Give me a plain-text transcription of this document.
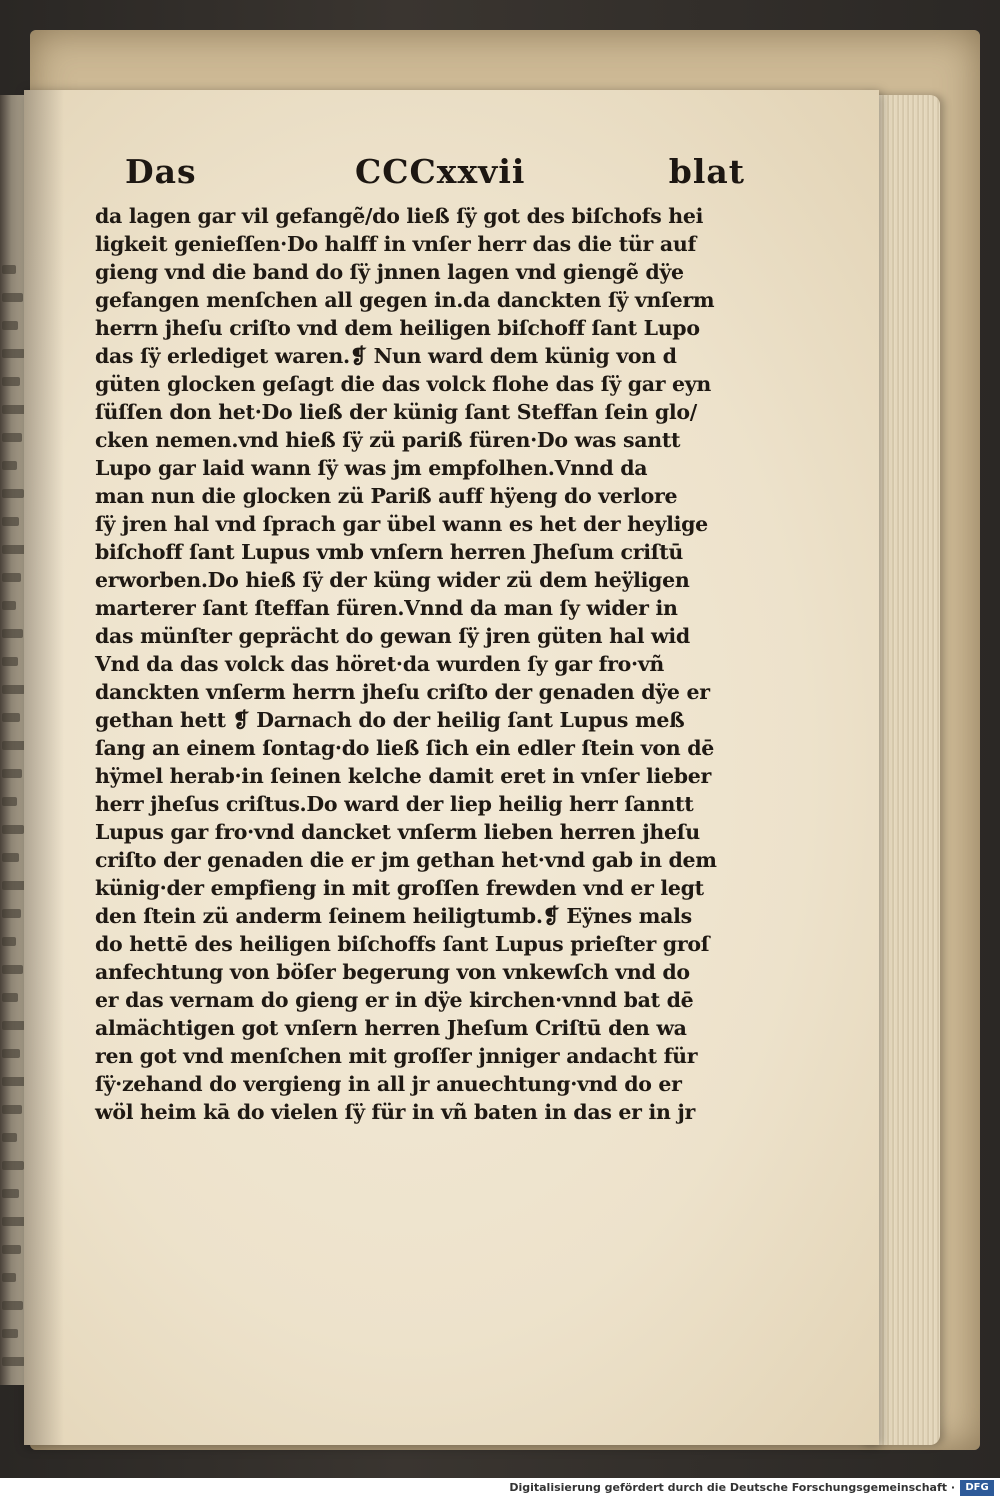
Das	CCCxxvii	blat
da lagen gar vil gefangẽ/do ließ ſÿ got des biſchofs hei
ligkeit genieſſen·Do halff in vnſer herr das die tür auf
gieng vnd die band do ſÿ jnnen lagen vnd giengẽ dÿe
gefangen menſchen all gegen in.da danckten ſÿ vnſerm
herrn jheſu criſto vnd dem heiligen biſchoff ſant Lupo
das ſÿ erlediget waren.❡ Nun ward dem künig von d
güten glocken geſagt die das volck flohe das ſÿ gar eyn
ſüſſen don het·Do ließ der künig ſant Steffan ſein glo/
cken nemen.vnd hieß ſÿ zü pariß füren·Do was santt
Lupo gar laid wann ſÿ was jm empfolhen.Vnnd da
man nun die glocken zü Pariß auff hÿeng do verlore
ſÿ jren hal vnd ſprach gar übel wann es het der heylige
biſchoff ſant Lupus vmb vnſern herren Jheſum criſtū
erworben.Do hieß ſÿ der küng wider zü dem heÿligen
marterer ſant ſteffan füren.Vnnd da man ſy wider in
das münſter geprächt do gewan ſÿ jren güten hal wid
Vnd da das volck das höret·da wurden ſy gar fro·vñ
danckten vnſerm herrn jheſu criſto der genaden dÿe er
gethan hett ❡ Darnach do der heilig ſant Lupus meß
ſang an einem ſontag·do ließ ſich ein edler ſtein von dē
hÿmel herab·in ſeinen kelche damit eret in vnſer lieber
herr jheſus criſtus.Do ward der liep heilig herr ſanntt
Lupus gar fro·vnd dancket vnſerm lieben herren jheſu
criſto der genaden die er jm gethan het·vnd gab in dem
künig·der empfieng in mit groſſen frewden vnd er legt
den ſtein zü anderm ſeinem heiligtumb.❡ Eÿnes mals
do hettē des heiligen biſchoffs ſant Lupus prieſter groſ
anfechtung von böſer begerung von vnkewſch vnd do
er das vernam do gieng er in dÿe kirchen·vnnd bat dē
almächtigen got vnſern herren Jheſum Criſtū den wa
ren got vnd menſchen mit groſſer jnniger andacht für
ſÿ·zehand do vergieng in all jr anuechtung·vnd do er
wöl heim kā do vielen ſÿ für in vñ baten in das er in jr
Digitalisierung gefördert durch die Deutsche Forschungsgemeinschaft ·	DFG
